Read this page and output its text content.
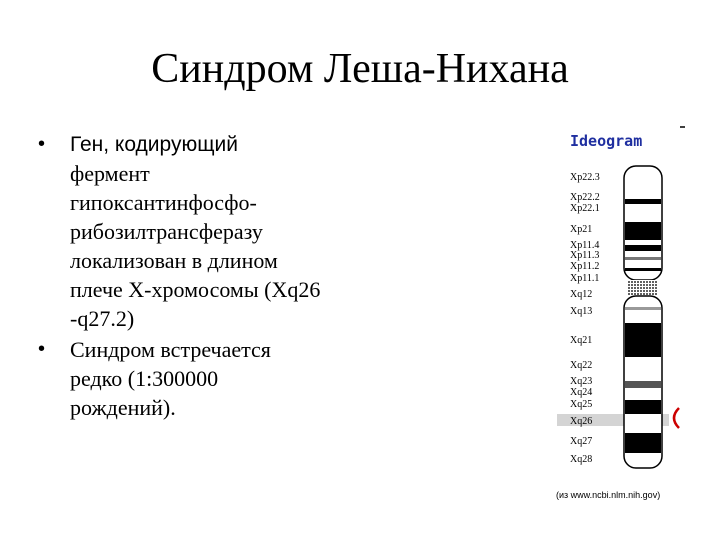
Синдром Леша-Нихана
• Ген, кодирующий
фермент
гипоксантинфосфо-
рибозилтрансферазу
локализован в длином
плече X-хромосомы (Xq26
-q27.2)
• Синдром встречается
редко (1:300000
рождений).
Ideogram
Xp22.3
Xp22.2
Xp22.1
Xp21
Xp11.4
Xp11.3
Xp11.2
Xp11.1
Xq12
Xq13
Xq21
Xq22
Xq23
Xq24
Xq25
Xq26
Xq27
Xq28
(из www.ncbi.nlm.nih.gov)
